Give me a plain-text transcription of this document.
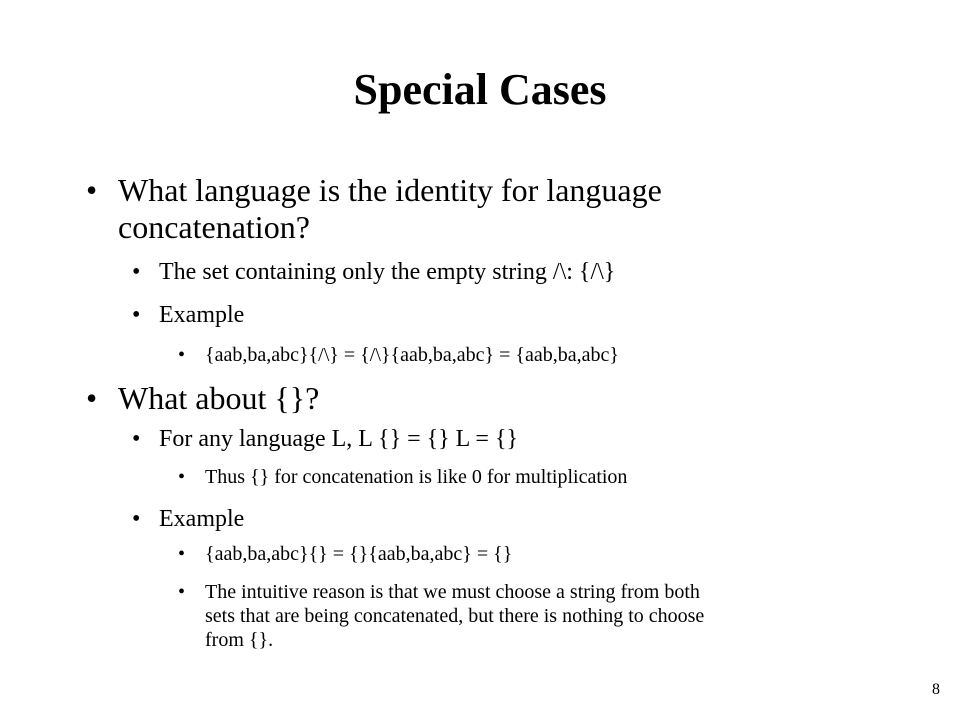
Special Cases
• What language is the identity for language
concatenation?
• The set containing only the empty string /\: {/\}
• Example
• {aab,ba,abc}{/\} = {/\}{aab,ba,abc} = {aab,ba,abc}
• What about {}?
• For any language L, L {} = {} L = {}
• Thus {} for concatenation is like 0 for multiplication
• Example
• {aab,ba,abc}{} = {}{aab,ba,abc} = {}
• The intuitive reason is that we must choose a string from both
sets that are being concatenated, but there is nothing to choose
from {}.
8
